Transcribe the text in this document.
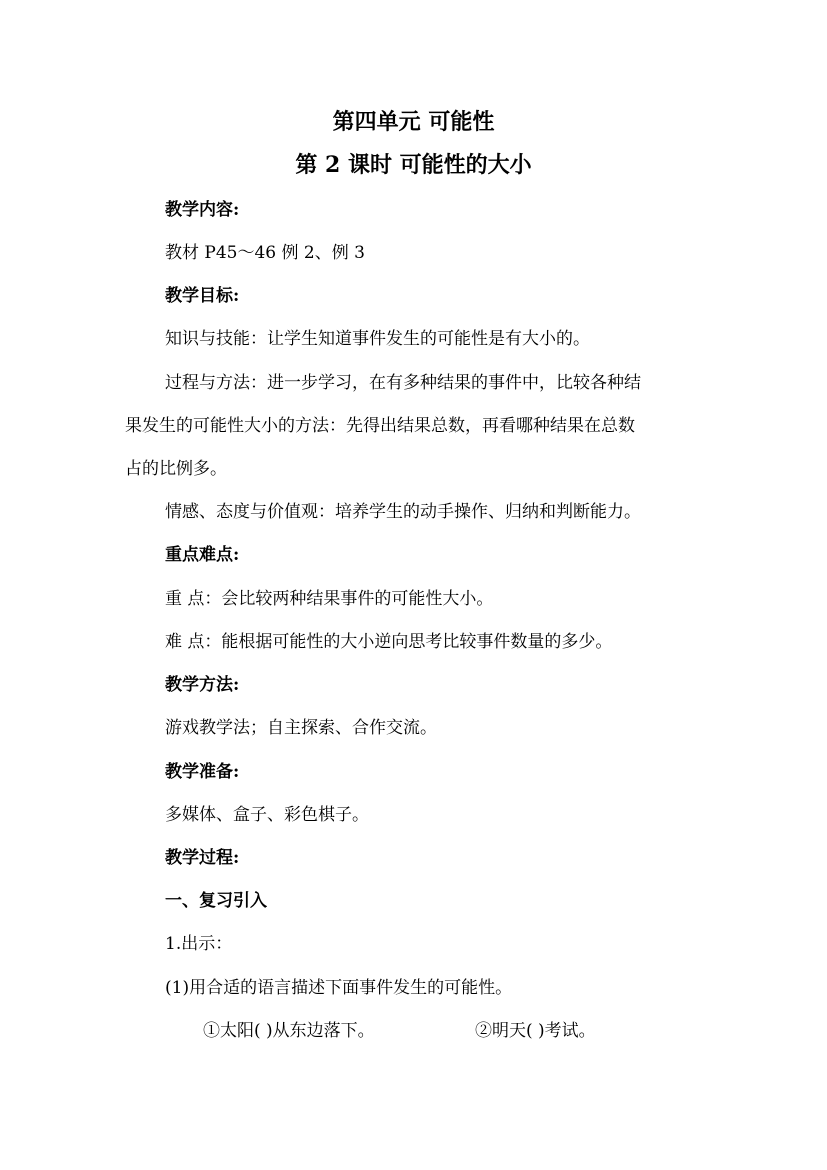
第四单元 可能性
第 2 课时 可能性的大小
教学内容:
教材 P45～46 例 2、例 3
教学目标:
知识与技能：让学生知道事件发生的可能性是有大小的。
过程与方法：进一步学习，在有多种结果的事件中，比较各种结
果发生的可能性大小的方法：先得出结果总数，再看哪种结果在总数
占的比例多。
情感、态度与价值观：培养学生的动手操作、归纳和判断能力。
重点难点:
重 点：会比较两种结果事件的可能性大小。
难 点：能根据可能性的大小逆向思考比较事件数量的多少。
教学方法:
游戏教学法；自主探索、合作交流。
教学准备:
多媒体、盒子、彩色棋子。
教学过程:
一、复习引入
1.出示：
(1)用合适的语言描述下面事件发生的可能性。
①太阳( )从东边落下。	②明天( )考试。
